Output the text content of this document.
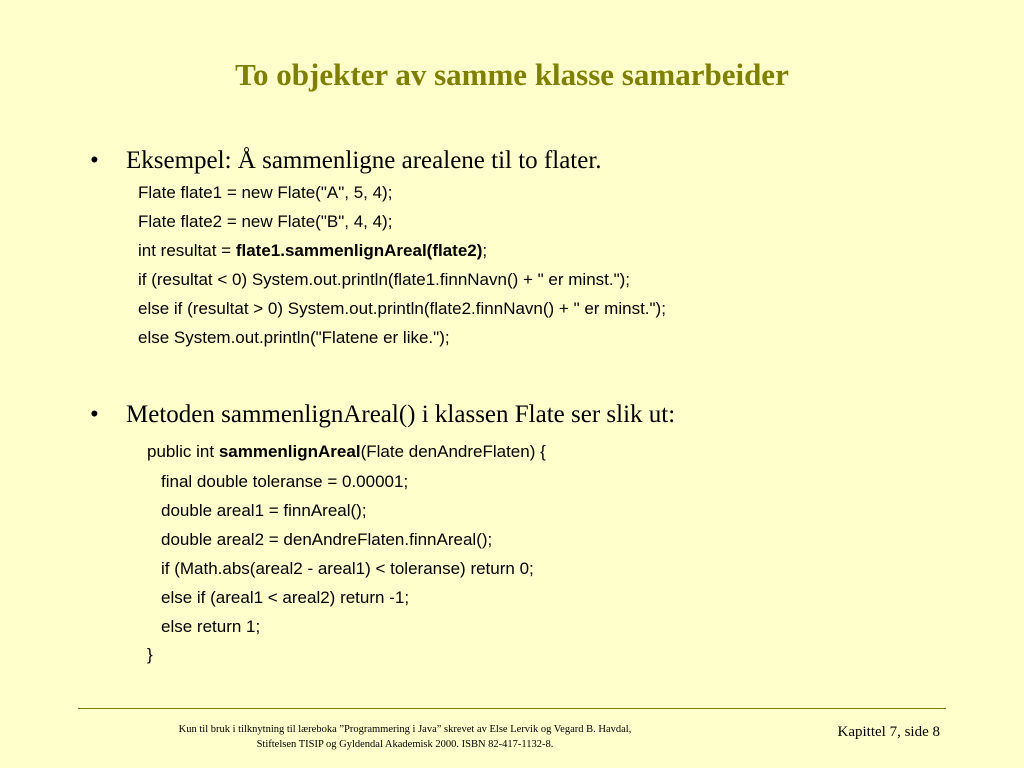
To objekter av samme klasse samarbeider
• Eksempel: Å sammenligne arealene til to flater.
Flate flate1 = new Flate("A", 5, 4);
Flate flate2 = new Flate("B", 4, 4);
int resultat = flate1.sammenlignAreal(flate2);
if (resultat < 0) System.out.println(flate1.finnNavn() + " er minst.");
else if (resultat > 0) System.out.println(flate2.finnNavn() + " er minst.");
else System.out.println("Flatene er like.");
• Metoden sammenlignAreal() i klassen Flate ser slik ut:
public int sammenlignAreal(Flate denAndreFlaten) {
final double toleranse = 0.00001;
double areal1 = finnAreal();
double areal2 = denAndreFlaten.finnAreal();
if (Math.abs(areal2 - areal1) < toleranse) return 0;
else if (areal1 < areal2) return -1;
else return 1;
}
Kun til bruk i tilknytning til læreboka ”Programmering i Java” skrevet av Else Lervik og Vegard B. Havdal,
Stiftelsen TISIP og Gyldendal Akademisk 2000. ISBN 82-417-1132-8.
Kapittel 7, side 8
